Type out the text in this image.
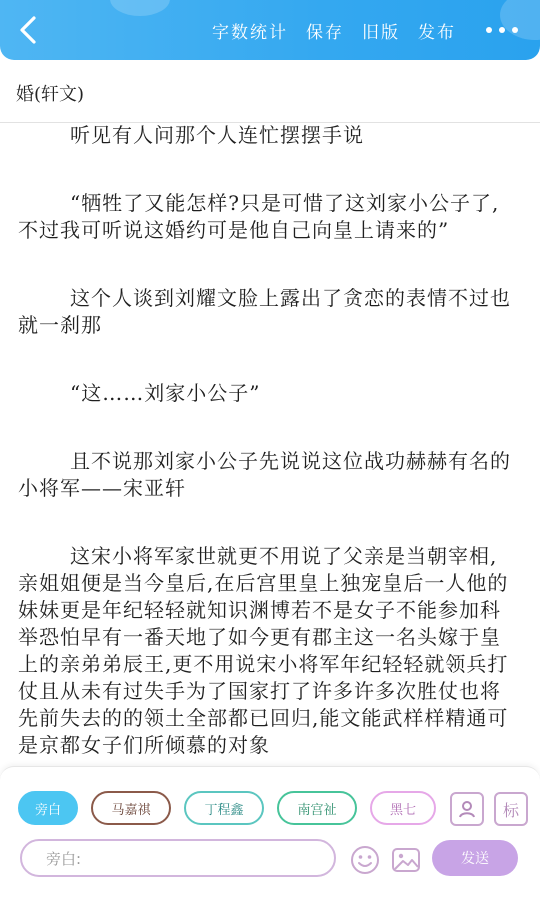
字数统计 保存 旧版 发布
婚(轩文)

听见有人问那个人连忙摆摆手说

“牺牲了又能怎样?只是可惜了这刘家小公子了,不过我可听说这婚约可是他自己向皇上请来的”

这个人谈到刘耀文脸上露出了贪恋的表情不过也就一刹那

“这……刘家小公子”

且不说那刘家小公子先说说这位战功赫赫有名的小将军——宋亚轩

这宋小将军家世就更不用说了父亲是当朝宰相,亲姐姐便是当今皇后,在后宫里皇上独宠皇后一人他的妹妹更是年纪轻轻就知识渊博若不是女子不能参加科举恐怕早有一番天地了如今更有郡主这一名头嫁于皇上的亲弟弟辰王,更不用说宋小将军年纪轻轻就领兵打仗且从未有过失手为了国家打了许多许多次胜仗也将先前失去的的领土全部都已回归,能文能武样样精通可是京都女子们所倾慕的对象

旁白	马嘉祺	丁程鑫	南宫祉	黑七	标
旁白:	发送
